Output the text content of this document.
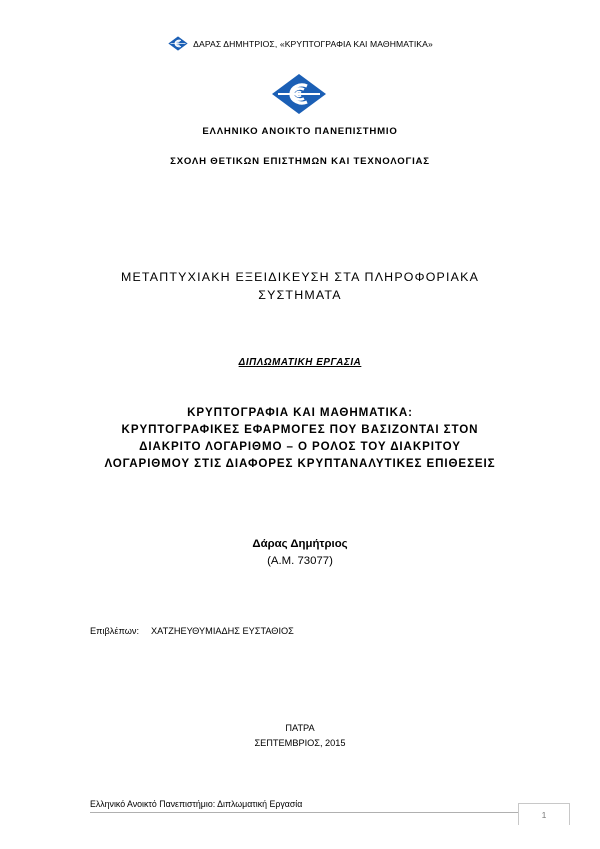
ΔΑΡΑΣ ΔΗΜΗΤΡΙΟΣ, «ΚΡΥΠΤΟΓΡΑΦΙΑ ΚΑΙ ΜΑΘΗΜΑΤΙΚΑ»
ΕΛΛΗΝΙΚΟ ΑΝΟΙΚΤΟ ΠΑΝΕΠΙΣΤΗΜΙΟ
ΣΧΟΛΗ ΘΕΤΙΚΩΝ ΕΠΙΣΤΗΜΩΝ ΚΑΙ ΤΕΧΝΟΛΟΓΙΑΣ
ΜΕΤΑΠΤΥΧΙΑΚΗ ΕΞΕΙΔΙΚΕΥΣΗ ΣΤΑ ΠΛΗΡΟΦΟΡΙΑΚΑ
ΣΥΣΤΗΜΑΤΑ
ΔΙΠΛΩΜΑΤΙΚΗ ΕΡΓΑΣΙΑ
ΚΡΥΠΤΟΓΡΑΦΙΑ ΚΑΙ ΜΑΘΗΜΑΤΙΚΑ:
ΚΡΥΠΤΟΓΡΑΦΙΚΕΣ ΕΦΑΡΜΟΓΕΣ ΠΟΥ ΒΑΣΙΖΟΝΤΑΙ ΣΤΟΝ
ΔΙΑΚΡΙΤΟ ΛΟΓΑΡΙΘΜΟ – Ο ΡΟΛΟΣ ΤΟΥ ΔΙΑΚΡΙΤΟΥ
ΛΟΓΑΡΙΘΜΟΥ ΣΤΙΣ ΔΙΑΦΟΡΕΣ ΚΡΥΠΤΑΝΑΛΥΤΙΚΕΣ ΕΠΙΘΕΣΕΙΣ
Δάρας Δημήτριος
(Α.Μ. 73077)
Επιβλέπων: ΧΑΤΖΗΕΥΘΥΜΙΑΔΗΣ ΕΥΣΤΑΘΙΟΣ
ΠΑΤΡΑ
ΣΕΠΤΕΜΒΡΙΟΣ, 2015
Ελληνικό Ανοικτό Πανεπιστήμιο: Διπλωματική Εργασία
1
